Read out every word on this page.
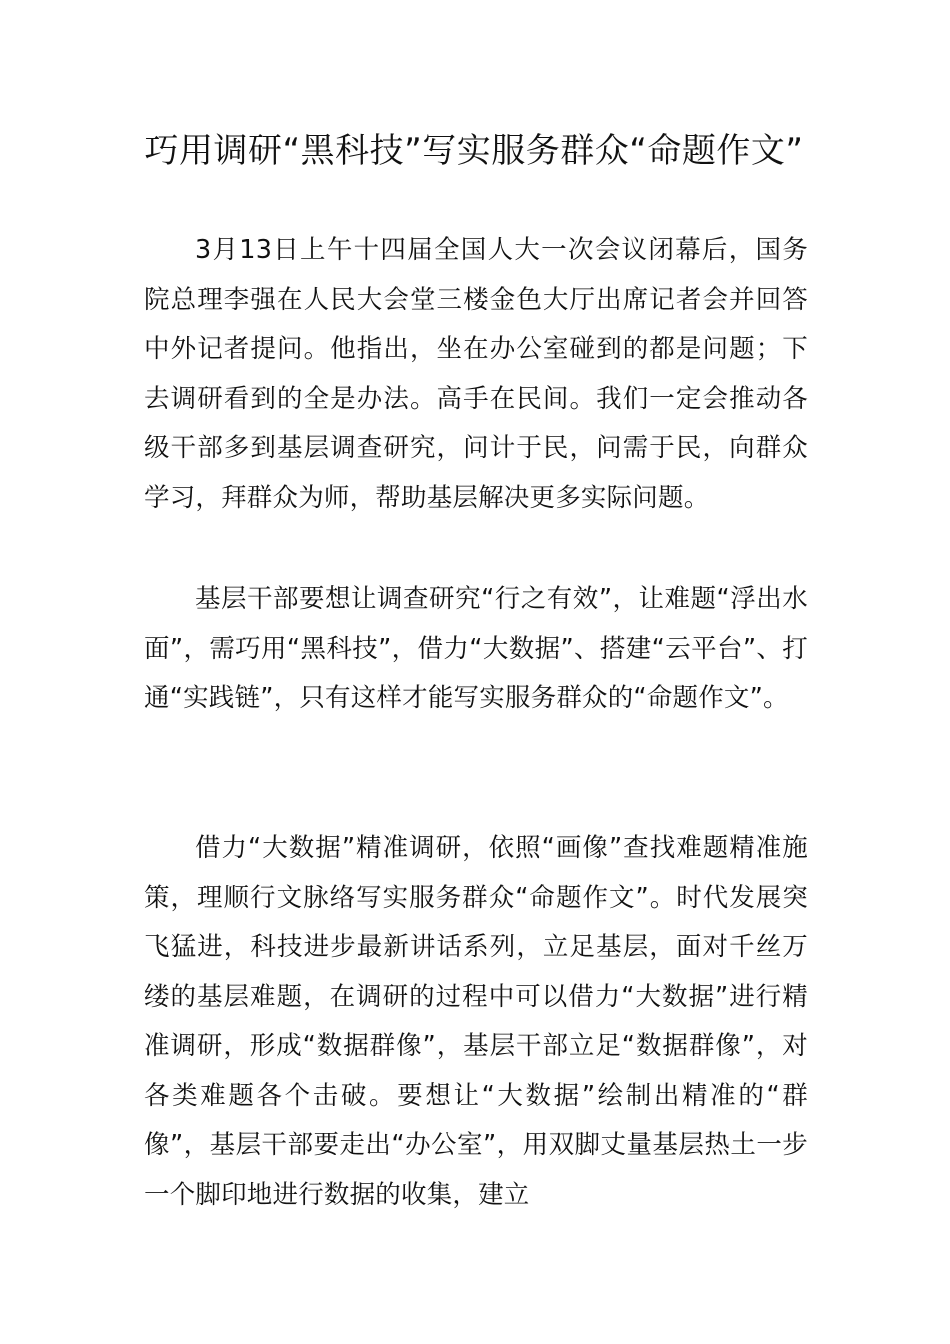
巧用调研“黑科技”写实服务群众“命题作文”

3月13日上午十四届全国人大一次会议闭幕后，国务院总理李强在人民大会堂三楼金色大厅出席记者会并回答中外记者提问。他指出，坐在办公室碰到的都是问题；下去调研看到的全是办法。高手在民间。我们一定会推动各级干部多到基层调查研究，问计于民，问需于民，向群众学习，拜群众为师，帮助基层解决更多实际问题。

基层干部要想让调查研究“行之有效”，让难题“浮出水面”，需巧用“黑科技”，借力“大数据”、搭建“云平台”、打通“实践链”，只有这样才能写实服务群众的“命题作文”。

借力“大数据”精准调研，依照“画像”查找难题精准施策，理顺行文脉络写实服务群众“命题作文”。时代发展突飞猛进，科技进步最新讲话系列，立足基层，面对千丝万缕的基层难题，在调研的过程中可以借力“大数据”进行精准调研，形成“数据群像”，基层干部立足“数据群像”，对各类难题各个击破。要想让“大数据”绘制出精准的“群像”，基层干部要走出“办公室”，用双脚丈量基层热土一步一个脚印地进行数据的收集，建立
